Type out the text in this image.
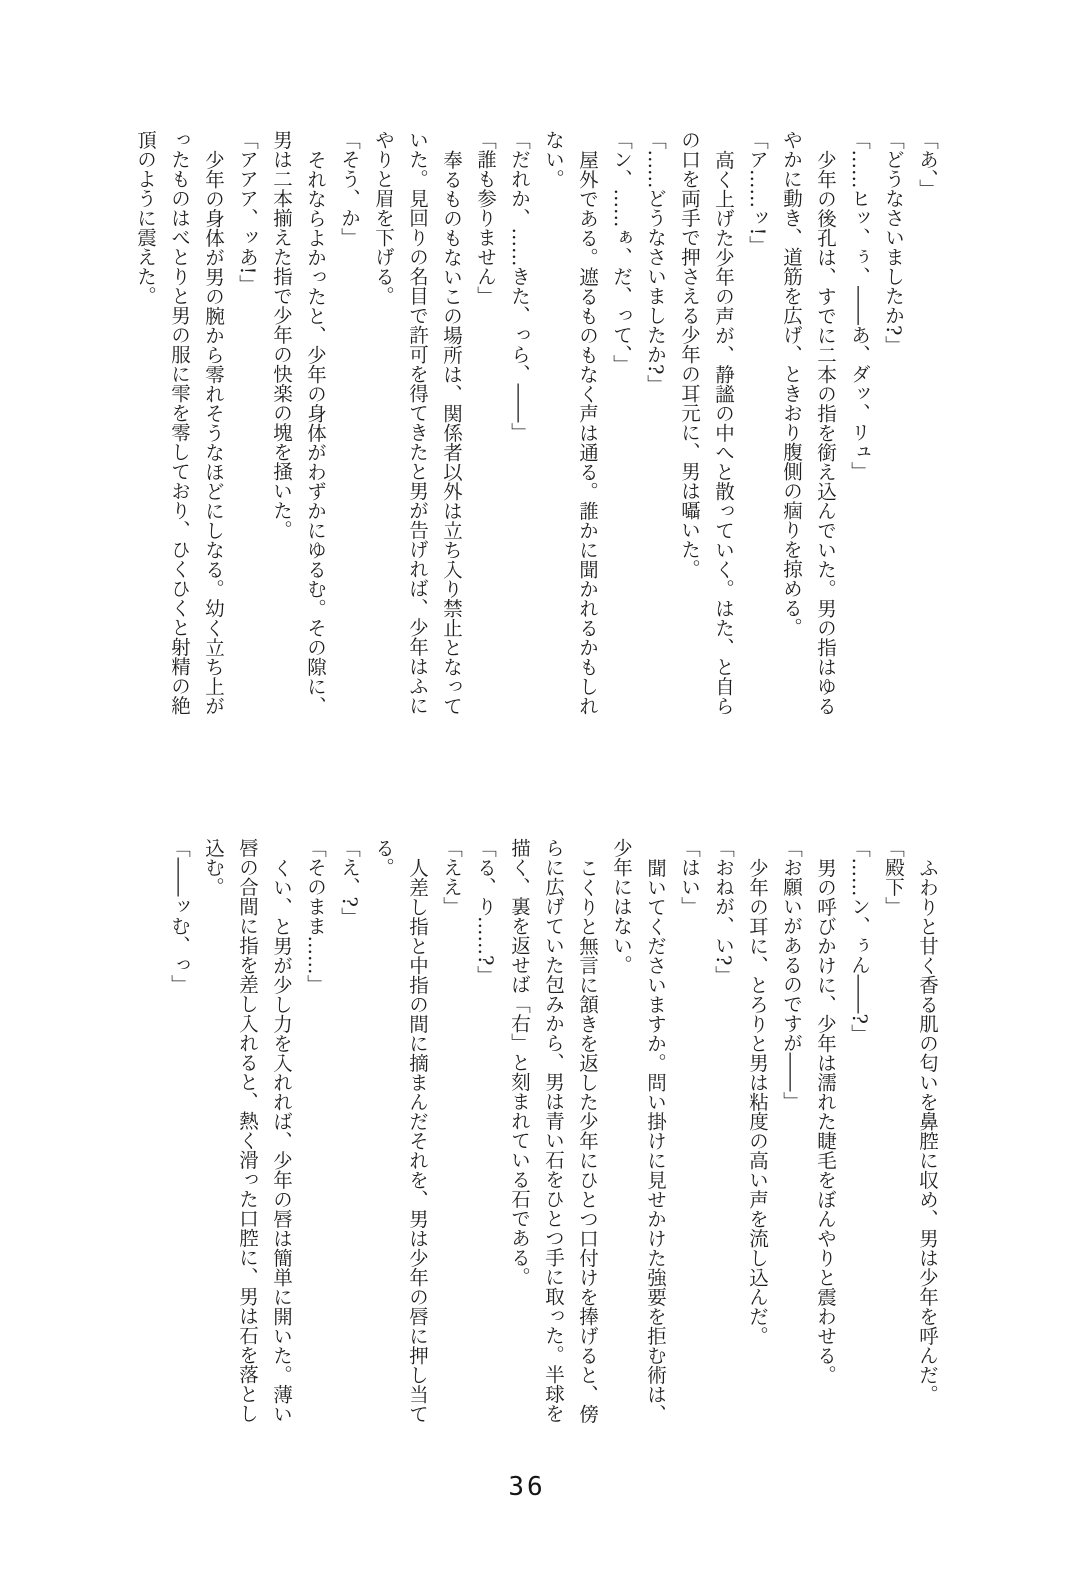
「あ、」

「どうなさいましたか?」

「……ヒッ、ぅ、――あ、ダッ、リュ」

少年の後孔は、すでに二本の指を銜え込んでいた。男の指はゆるやかに動き、道筋を広げ、ときおり腹側の痼りを掠める。

「ア……ッ!」

高く上げた少年の声が、静謐の中へと散っていく。はた、と自らの口を両手で押さえる少年の耳元に、男は囁いた。

「……どうなさいましたか?」

「ン、……ぁ、だ、って、」

屋外である。遮るものもなく声は通る。誰かに聞かれるかもしれない。

「だれか、……きた、っら、――」

「誰も参りません」

奉るものもないこの場所は、関係者以外は立ち入り禁止となっていた。見回りの名目で許可を得てきたと男が告げれば、少年はふにやりと眉を下げる。

「そう、か」

それならよかったと、少年の身体がわずかにゆるむ。その隙に、男は二本揃えた指で少年の快楽の塊を掻いた。

「アアア、ッあ!」

少年の身体が男の腕から零れそうなほどにしなる。幼く立ち上がったものはべとりと男の服に雫を零しており、ひくひくと射精の絶頂のように震えた。

ふわりと甘く香る肌の匂いを鼻腔に収め、男は少年を呼んだ。

「殿下」

「……ン、ぅん――?」

男の呼びかけに、少年は濡れた睫毛をぼんやりと震わせる。

「お願いがあるのですが――」

少年の耳に、とろりと男は粘度の高い声を流し込んだ。

「おねが、い?」

「はい」

聞いてくださいますか。問い掛けに見せかけた強要を拒む術は、少年にはない。

こくりと無言に頷きを返した少年にひとつ口付けを捧げると、傍らに広げていた包みから、男は青い石をひとつ手に取った。半球を描く、裏を返せば「右」と刻まれている石である。

「る、り……?」

「ええ」

人差し指と中指の間に摘まんだそれを、男は少年の唇に押し当てる。

「え、?」

「そのまま……」

くい、と男が少し力を入れれば、少年の唇は簡単に開いた。薄い唇の合間に指を差し入れると、熱く滑った口腔に、男は石を落とし込む。

「――ッむ、っ」

36
